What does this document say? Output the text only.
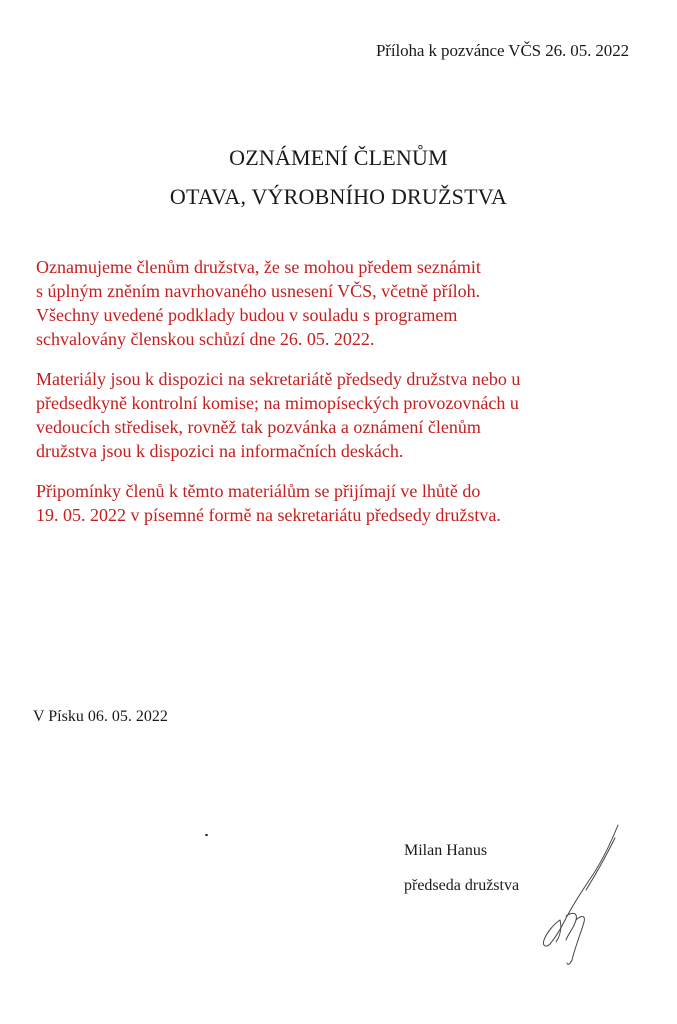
Příloha k pozvánce VČS 26. 05. 2022
OZNÁMENÍ ČLENŮM
OTAVA, VÝROBNÍHO DRUŽSTVA

Oznamujeme členům družstva, že se mohou předem seznámit
s úplným zněním navrhovaného usnesení VČS, včetně příloh.
Všechny uvedené podklady budou v souladu s programem
schvalovány členskou schůzí dne 26. 05. 2022.

Materiály jsou k dispozici na sekretariátě předsedy družstva nebo u
předsedkyně kontrolní komise; na mimopíseckých provozovnách u
vedoucích středisek, rovněž tak pozvánka a oznámení členům
družstva jsou k dispozici na informačních deskách.

Připomínky členů k těmto materiálům se přijímají ve lhůtě do
19. 05. 2022 v písemné formě na sekretariátu předsedy družstva.

V Písku 06. 05. 2022
Milan Hanus
předseda družstva
